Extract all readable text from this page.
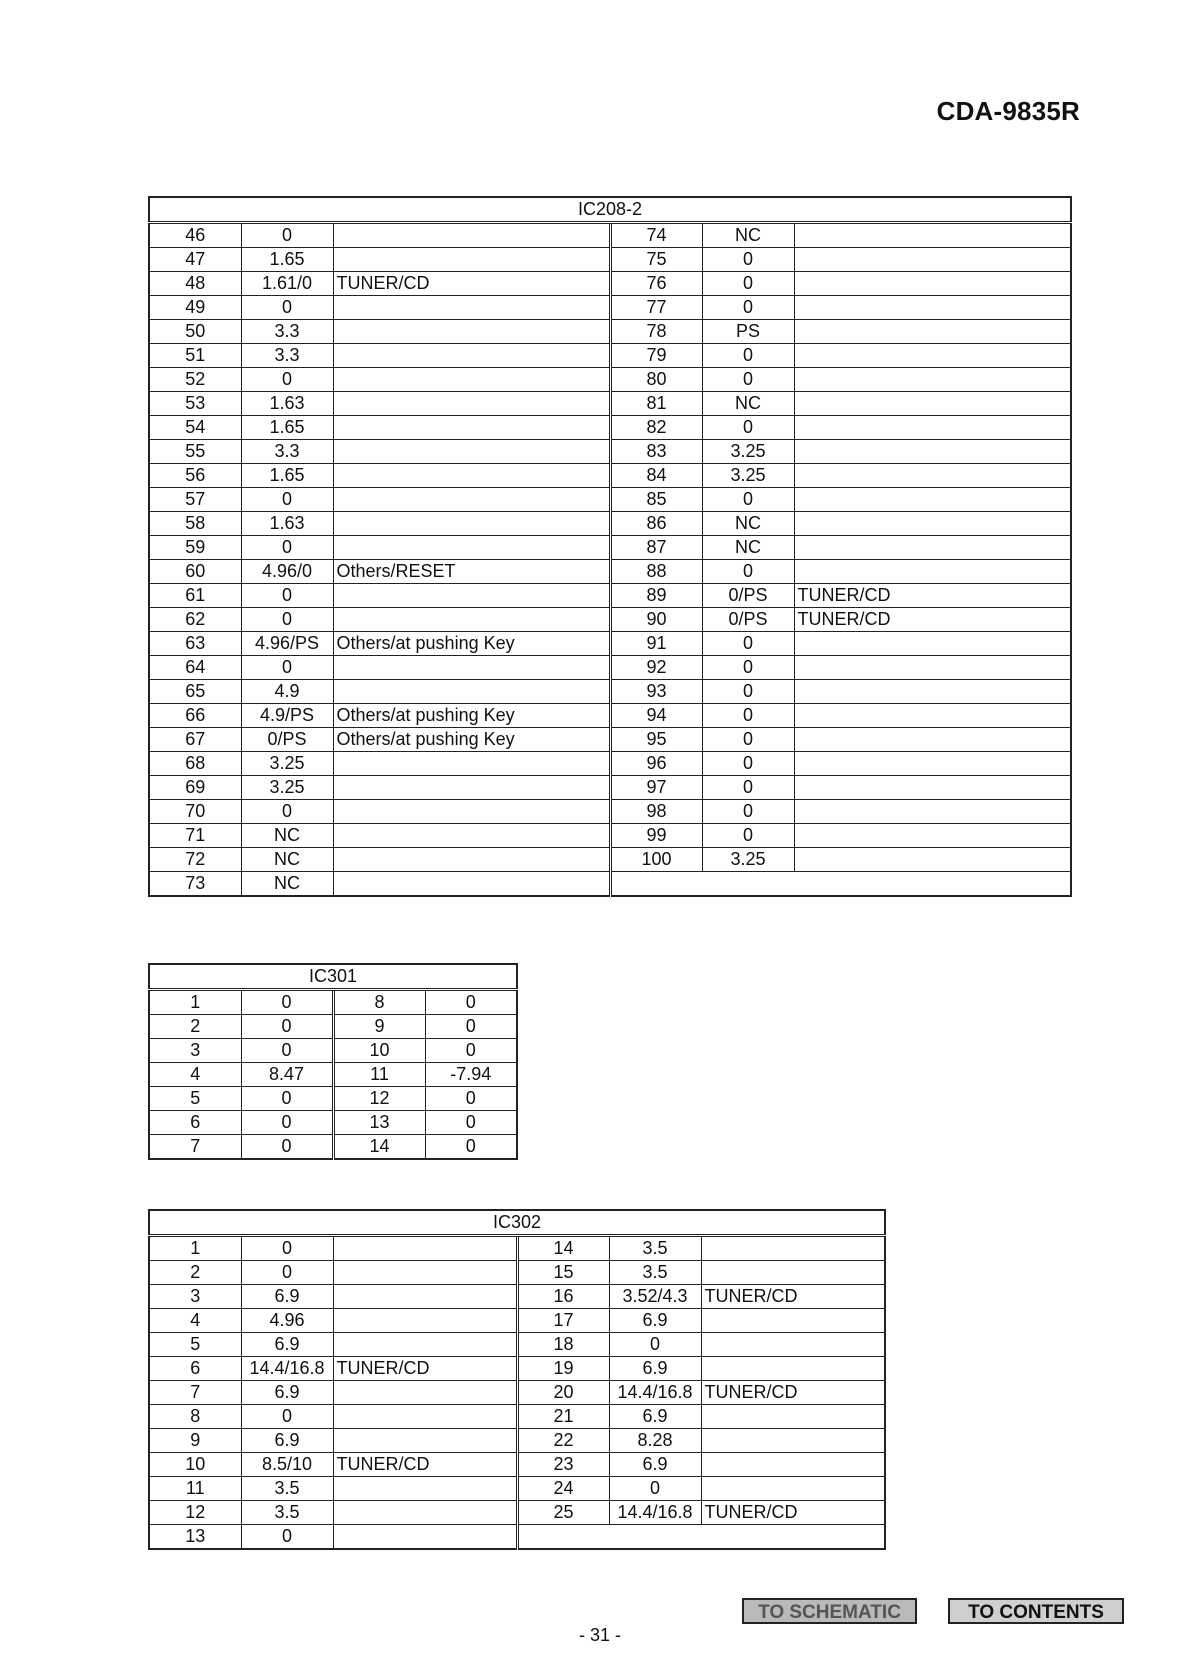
CDA-9835R
IC208-2					
46	0		74	NC	
47	1.65		75	0	
48	1.61/0	TUNER/CD	76	0	
49	0		77	0	
50	3.3		78	PS	
51	3.3		79	0	
52	0		80	0	
53	1.63		81	NC	
54	1.65		82	0	
55	3.3		83	3.25	
56	1.65		84	3.25	
57	0		85	0	
58	1.63		86	NC	
59	0		87	NC	
60	4.96/0	Others/RESET	88	0	
61	0		89	0/PS	TUNER/CD
62	0		90	0/PS	TUNER/CD
63	4.96/PS	Others/at pushing Key	91	0	
64	0		92	0	
65	4.9		93	0	
66	4.9/PS	Others/at pushing Key	94	0	
67	0/PS	Others/at pushing Key	95	0	
68	3.25		96	0	
69	3.25		97	0	
70	0		98	0	
71	NC		99	0	
72	NC		100	3.25	
73	NC				
IC301			
1	0	8	0
2	0	9	0
3	0	10	0
4	8.47	11	-7.94
5	0	12	0
6	0	13	0
7	0	14	0
IC302					
1	0		14	3.5	
2	0		15	3.5	
3	6.9		16	3.52/4.3	TUNER/CD
4	4.96		17	6.9	
5	6.9		18	0	
6	14.4/16.8	TUNER/CD	19	6.9	
7	6.9		20	14.4/16.8	TUNER/CD
8	0		21	6.9	
9	6.9		22	8.28	
10	8.5/10	TUNER/CD	23	6.9	
11	3.5		24	0	
12	3.5		25	14.4/16.8	TUNER/CD
13	0				
TO SCHEMATIC	TO CONTENTS
- 31 -
